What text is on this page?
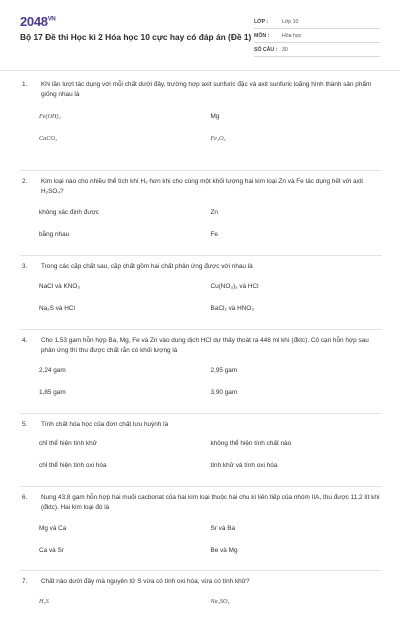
$2048^{VN}$
Bộ 17 Đề thi Học kì 2 Hóa học 10 cực hay có đáp án (Đề 1)
LỚP :	Lớp 10
MÔN :	Hóa học
SỐ CÂU : 30
1.	Khi lần lượt tác dụng với mỗi chất dưới đây, trường hợp axit sunfuric đặc và axit sunfuric loãng hình thành sản phẩm giống nhau là
Fe(OH)₂	Mg
CaCO₃	Fe₃O₄
2.	Kim loại nào cho nhiều thể tích khí H₂ hơn khi cho cùng một khối lượng hai kim loại Zn và Fe tác dụng hết với axit H₂SO₄?
không xác định được	Zn
bằng nhau	Fe
3.	Trong các cặp chất sau, cặp chất gồm hai chất phản ứng được với nhau là
NaCl và KNO₃	Cu(NO₃)₂ và HCl
Na₂S và HCl	BaCl₂ và HNO₃
4.	Cho 1,53 gam hỗn hợp Ba, Mg, Fe và Zn vào dung dịch HCl dư thấy thoát ra 448 ml khí (đktc). Cô cạn hỗn hợp sau phản ứng thì thu được chất rắn có khối lượng là
2,24 gam	2,95 gam
1,85 gam	3,90 gam
5.	Tính chất hóa học của đơn chất lưu huỳnh là
chỉ thể hiện tính khử	không thể hiện tính chất nào
chỉ thể hiện tính oxi hóa	tính khử và tính oxi hóa
6.	Nung 43,8 gam hỗn hợp hai muối cacbonat của hai kim loại thuộc hai chu kì liên tiếp của nhóm IIA, thu được 11,2 lít khí (đktc). Hai kim loại đó là
Mg và Ca	Sr và Ba
Ca và Sr	Be và Mg
7.	Chất nào dưới đây mà nguyên tử S vừa có tính oxi hóa, vừa có tính khử?
H₂S	Na₂SO₄
